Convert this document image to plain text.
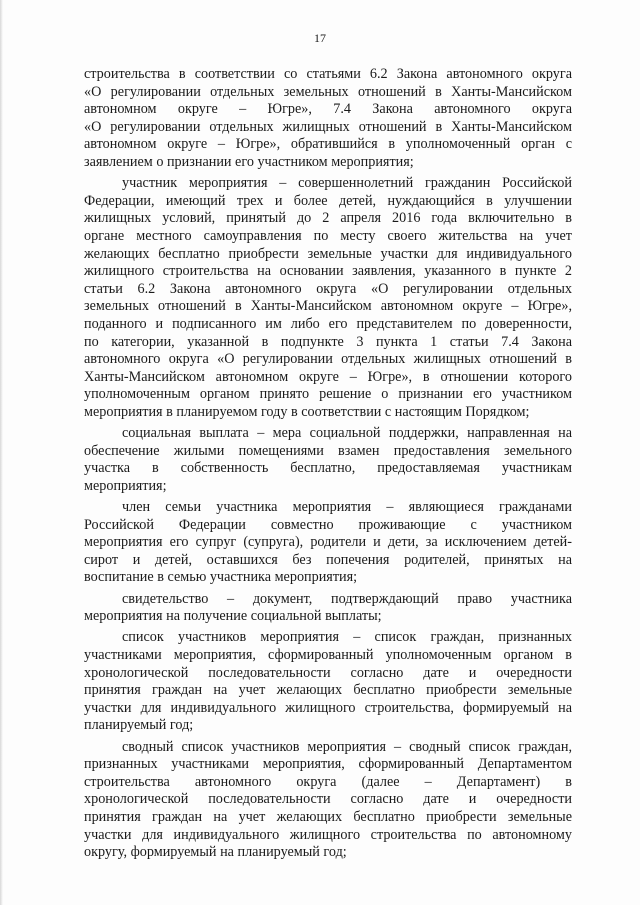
17

строительства в соответствии со статьями 6.2 Закона автономного округа
«О регулировании отдельных земельных отношений в Ханты-Мансийском
автономном округе – Югре», 7.4 Закона автономного округа
«О регулировании отдельных жилищных отношений в Ханты-Мансийском
автономном округе – Югре», обратившийся в уполномоченный орган с
заявлением о признании его участником мероприятия;

участник мероприятия – совершеннолетний гражданин Российской
Федерации, имеющий трех и более детей, нуждающийся в улучшении
жилищных условий, принятый до 2 апреля 2016 года включительно в
органе местного самоуправления по месту своего жительства на учет
желающих бесплатно приобрести земельные участки для индивидуального
жилищного строительства на основании заявления, указанного в пункте 2
статьи 6.2 Закона автономного округа «О регулировании отдельных
земельных отношений в Ханты-Мансийском автономном округе – Югре»,
поданного и подписанного им либо его представителем по доверенности,
по категории, указанной в подпункте 3 пункта 1 статьи 7.4 Закона
автономного округа «О регулировании отдельных жилищных отношений в
Ханты-Мансийском автономном округе – Югре», в отношении которого
уполномоченным органом принято решение о признании его участником
мероприятия в планируемом году в соответствии с настоящим Порядком;

социальная выплата – мера социальной поддержки, направленная на
обеспечение жилыми помещениями взамен предоставления земельного
участка в собственность бесплатно, предоставляемая участникам
мероприятия;

член семьи участника мероприятия – являющиеся гражданами
Российской Федерации совместно проживающие с участником
мероприятия его супруг (супруга), родители и дети, за исключением детей-
сирот и детей, оставшихся без попечения родителей, принятых на
воспитание в семью участника мероприятия;

свидетельство – документ, подтверждающий право участника
мероприятия на получение социальной выплаты;

список участников мероприятия – список граждан, признанных
участниками мероприятия, сформированный уполномоченным органом в
хронологической последовательности согласно дате и очередности
принятия граждан на учет желающих бесплатно приобрести земельные
участки для индивидуального жилищного строительства, формируемый на
планируемый год;

сводный список участников мероприятия – сводный список граждан,
признанных участниками мероприятия, сформированный Департаментом
строительства автономного округа (далее – Департамент) в
хронологической последовательности согласно дате и очередности
принятия граждан на учет желающих бесплатно приобрести земельные
участки для индивидуального жилищного строительства по автономному
округу, формируемый на планируемый год;
